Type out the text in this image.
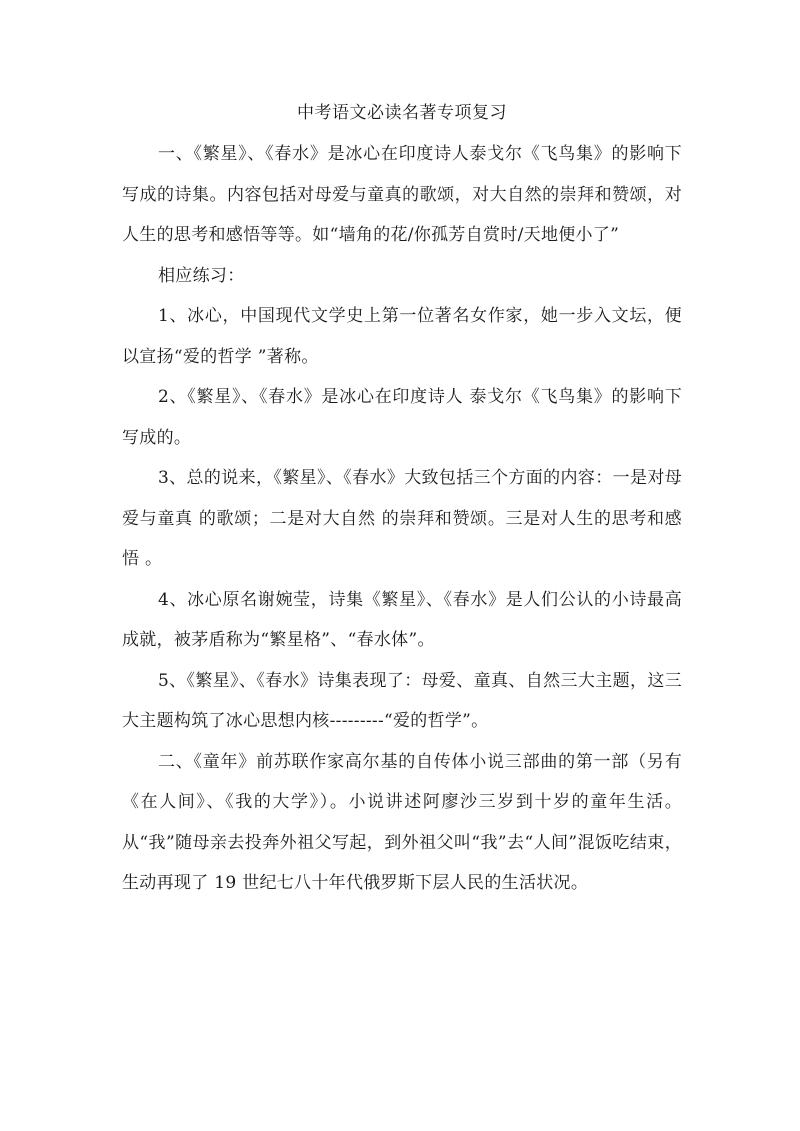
中考语文必读名著专项复习

一、《繁星》、《春水》是冰心在印度诗人泰戈尔《飞鸟集》的影响下写成的诗集。内容包括对母爱与童真的歌颂，对大自然的崇拜和赞颂，对人生的思考和感悟等等。如“墙角的花/你孤芳自赏时/天地便小了”

相应练习：

1、冰心，中国现代文学史上第一位著名女作家，她一步入文坛，便以宣扬“爱的哲学 ”著称。

2、《繁星》、《春水》是冰心在印度诗人 泰戈尔《飞鸟集》的影响下写成的。

3、总的说来，《繁星》、《春水》大致包括三个方面的内容：一是对母爱与童真 的歌颂；二是对大自然 的崇拜和赞颂。三是对人生的思考和感悟 。

4、冰心原名谢婉莹，诗集《繁星》、《春水》是人们公认的小诗最高成就，被茅盾称为“繁星格”、“春水体”。

5、《繁星》、《春水》诗集表现了：母爱、童真、自然三大主题，这三大主题构筑了冰心思想内核---------“爱的哲学”。

二、《童年》前苏联作家高尔基的自传体小说三部曲的第一部（另有《在人间》、《我的大学》）。小说讲述阿廖沙三岁到十岁的童年生活。从“我”随母亲去投奔外祖父写起，到外祖父叫“我”去“人间”混饭吃结束，生动再现了 19 世纪七八十年代俄罗斯下层人民的生活状况。
